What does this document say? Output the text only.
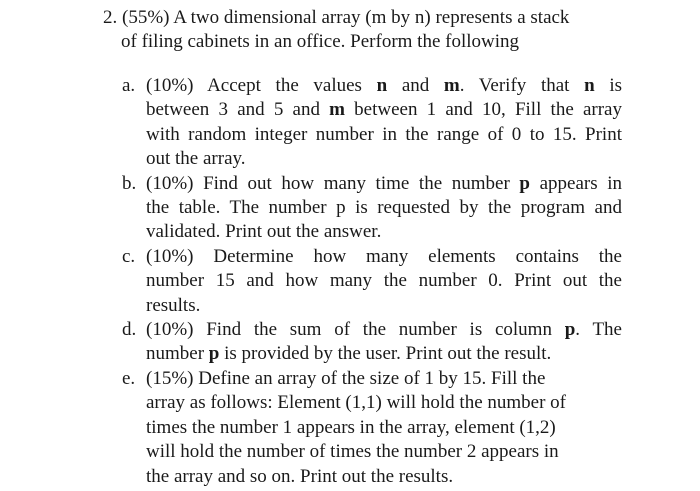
2. (55%) A two dimensional array (m by n) represents a stack
of filing cabinets in an office. Perform the following
a. (10%) Accept the values n and m. Verify that n is
between 3 and 5 and m between 1 and 10, Fill the array
with random integer number in the range of 0 to 15. Print
out the array.
b. (10%) Find out how many time the number p appears in
the table. The number p is requested by the program and
validated. Print out the answer.
c. (10%) Determine how many elements contains the
number 15 and how many the number 0. Print out the
results.
d. (10%) Find the sum of the number is column p. The
number p is provided by the user. Print out the result.
e. (15%) Define an array of the size of 1 by 15. Fill the
array as follows: Element (1,1) will hold the number of
times the number 1 appears in the array, element (1,2)
will hold the number of times the number 2 appears in
the array and so on. Print out the results.
